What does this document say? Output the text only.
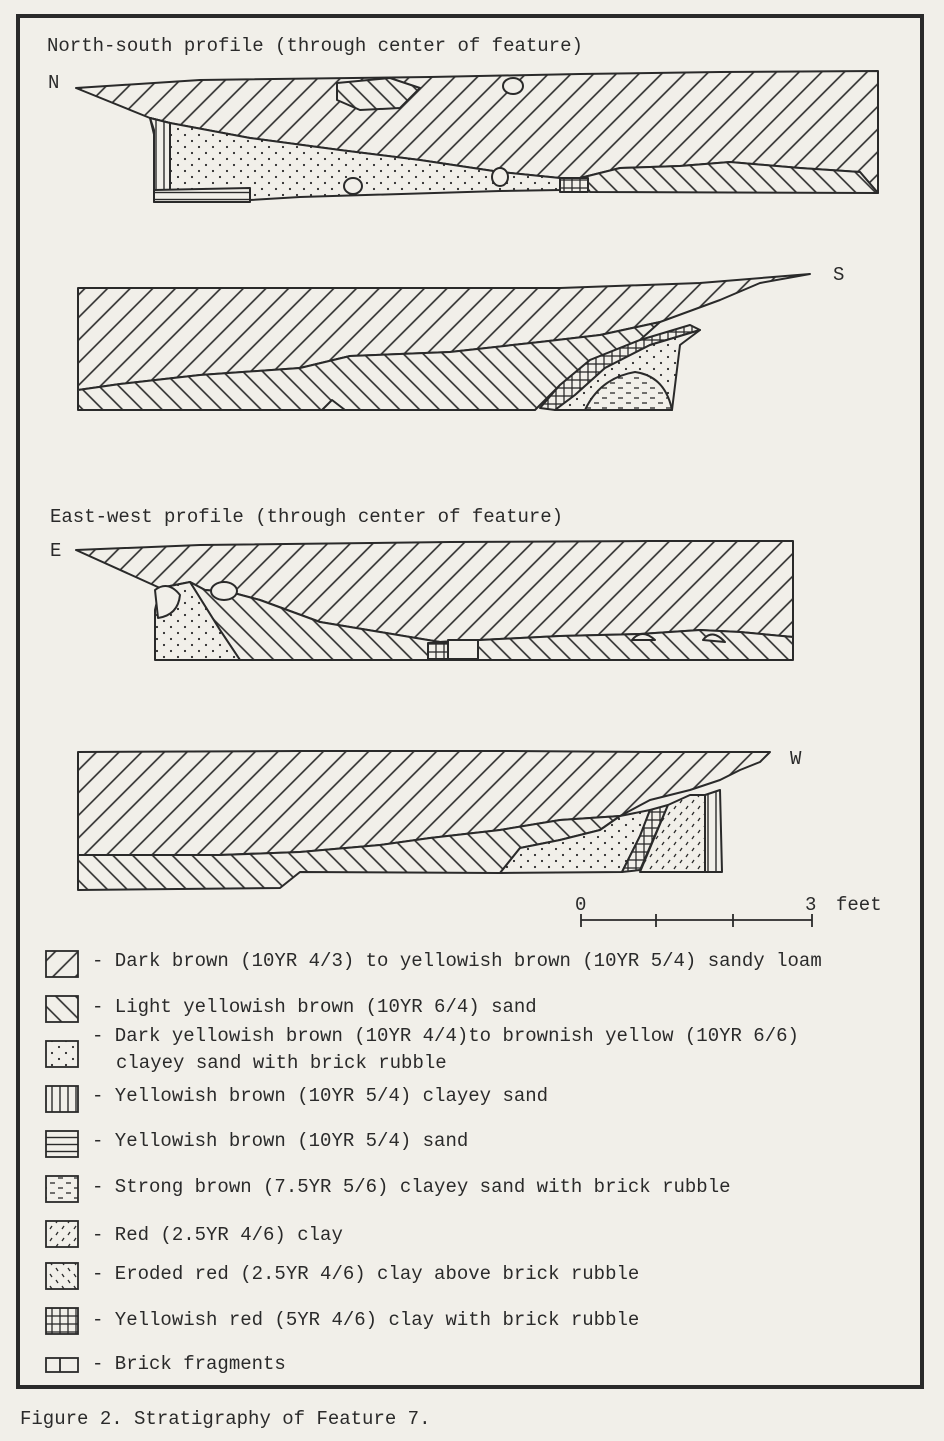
North-south profile (through center of feature)
N
S
East-west profile (through center of feature)
E
W
0	3 feet
- Dark brown (10YR 4/3) to yellowish brown (10YR 5/4) sandy loam
- Light yellowish brown (10YR 6/4) sand
- Dark yellowish brown (10YR 4/4)to brownish yellow (10YR 6/6)
clayey sand with brick rubble
- Yellowish brown (10YR 5/4) clayey sand
- Yellowish brown (10YR 5/4) sand
- Strong brown (7.5YR 5/6) clayey sand with brick rubble
- Red (2.5YR 4/6) clay
- Eroded red (2.5YR 4/6) clay above brick rubble
- Yellowish red (5YR 4/6) clay with brick rubble
- Brick fragments
Figure 2. Stratigraphy of Feature 7.
